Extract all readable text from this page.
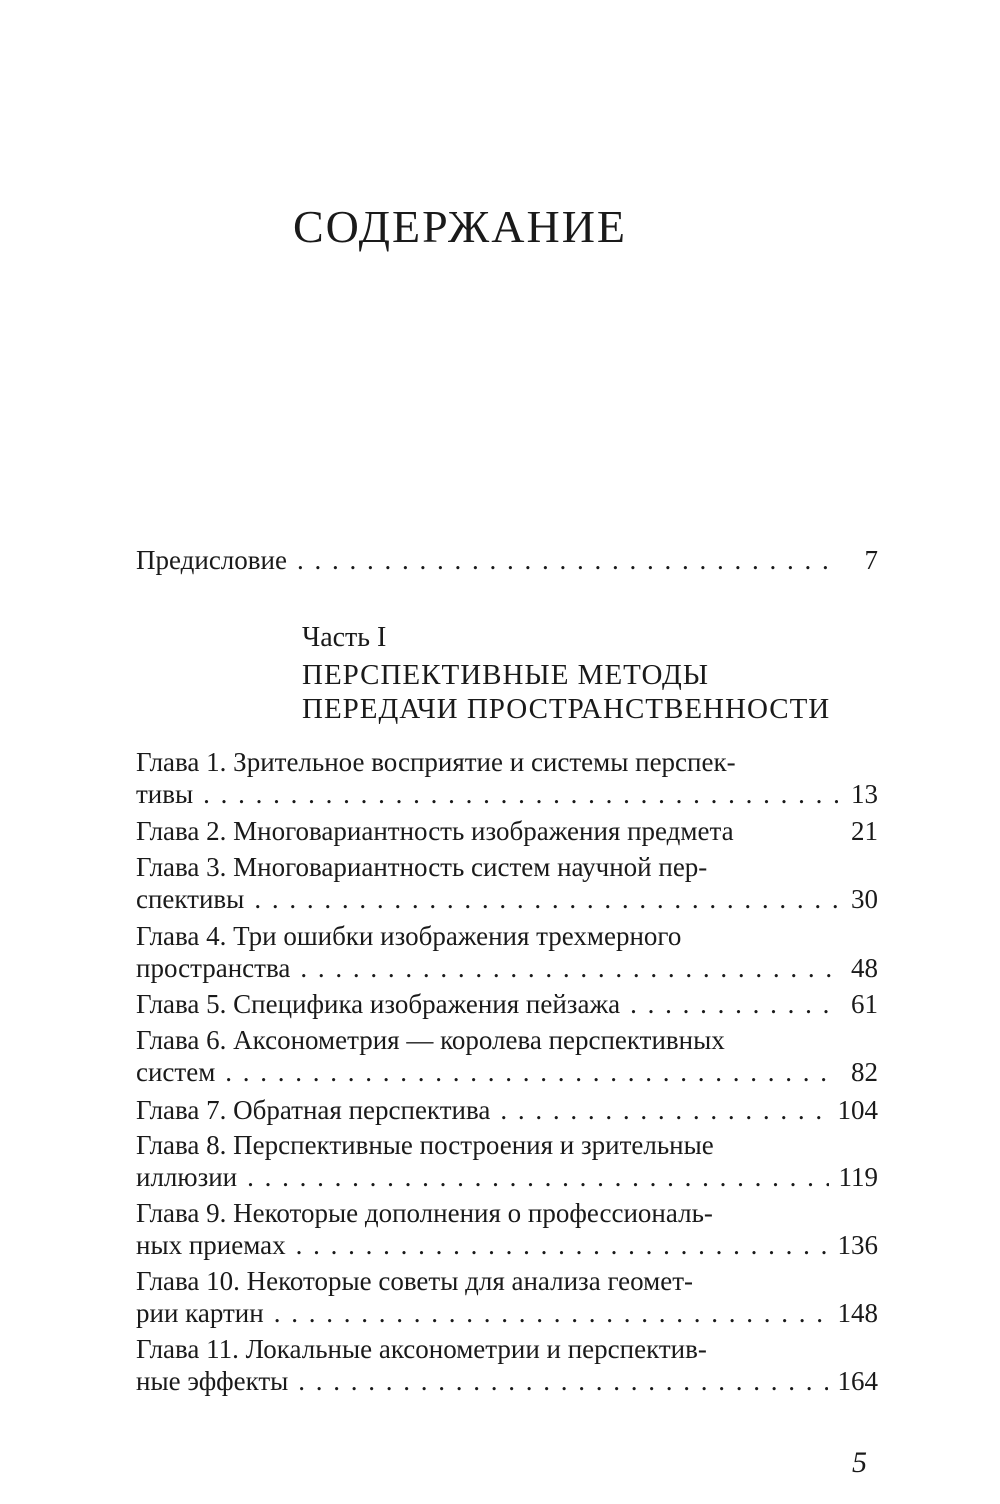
СОДЕРЖАНИЕ
Предисловие . . .	7
Часть I
ПЕРСПЕКТИВНЫЕ МЕТОДЫ
ПЕРЕДАЧИ ПРОСТРАНСТВЕННОСТИ
Глава 1. Зрительное восприятие и системы перспек-
тивы . . .	13
Глава 2. Многовариантность изображения предмета	21
Глава 3. Многовариантность систем научной пер-
спективы . . .	30
Глава 4. Три ошибки изображения трехмерного
пространства . . .	48
Глава 5. Специфика изображения пейзажа . . .	61
Глава 6. Аксонометрия — королева перспективных
систем . . .	82
Глава 7. Обратная перспектива . . .	104
Глава 8. Перспективные построения и зрительные
иллюзии . . .	119
Глава 9. Некоторые дополнения о профессиональ-
ных приемах . . .	136
Глава 10. Некоторые советы для анализа геомет-
рии картин . . .	148
Глава 11. Локальные аксонометрии и перспектив-
ные эффекты . . .	164
5
